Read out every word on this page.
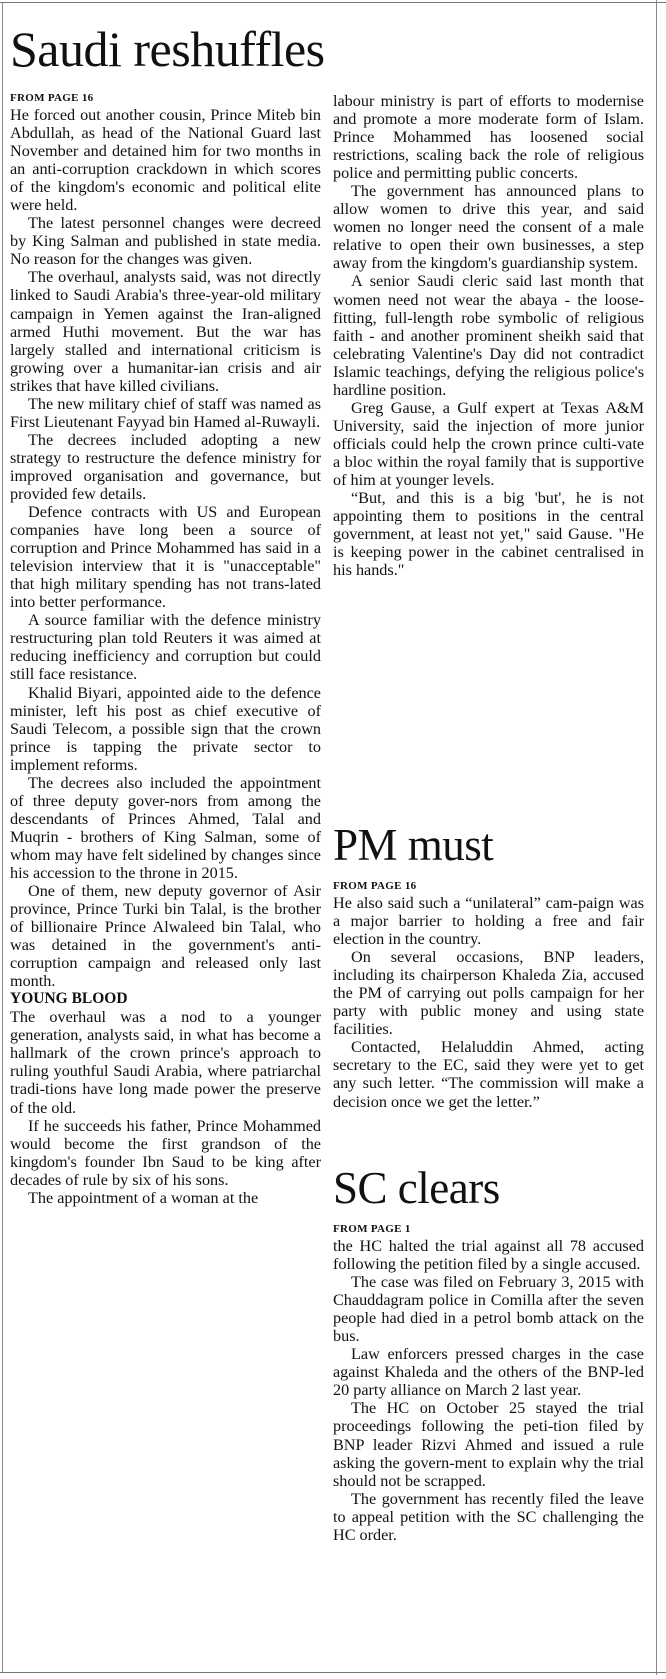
Saudi reshuffles
FROM PAGE 16

He forced out another cousin, Prince Miteb bin Abdullah, as head of the National Guard last November and detained him for two months in an anti-corruption crackdown in which scores of the kingdom's economic and political elite were held.

The latest personnel changes were decreed by King Salman and published in state media. No reason for the changes was given.

The overhaul, analysts said, was not directly linked to Saudi Arabia's three-year-old military campaign in Yemen against the Iran-aligned armed Huthi movement. But the war has largely stalled and international criticism is growing over a humanitar-ian crisis and air strikes that have killed civilians.

The new military chief of staff was named as First Lieutenant Fayyad bin Hamed al-Ruwayli.

The decrees included adopting a new strategy to restructure the defence ministry for improved organisation and governance, but provided few details.

Defence contracts with US and European companies have long been a source of corruption and Prince Mohammed has said in a television interview that it is "unacceptable" that high military spending has not trans-lated into better performance.

A source familiar with the defence ministry restructuring plan told Reuters it was aimed at reducing inefficiency and corruption but could still face resistance.

Khalid Biyari, appointed aide to the defence minister, left his post as chief executive of Saudi Telecom, a possible sign that the crown prince is tapping the private sector to implement reforms.

The decrees also included the appointment of three deputy gover-nors from among the descendants of Princes Ahmed, Talal and Muqrin - brothers of King Salman, some of whom may have felt sidelined by changes since his accession to the throne in 2015.

One of them, new deputy governor of Asir province, Prince Turki bin Talal, is the brother of billionaire Prince Alwaleed bin Talal, who was detained in the government's anti-corruption campaign and released only last month.

YOUNG BLOOD

The overhaul was a nod to a younger generation, analysts said, in what has become a hallmark of the crown prince's approach to ruling youthful Saudi Arabia, where patriarchal tradi-tions have long made power the preserve of the old.

If he succeeds his father, Prince Mohammed would become the first grandson of the kingdom's founder Ibn Saud to be king after decades of rule by six of his sons.

The appointment of a woman at the

labour ministry is part of efforts to modernise and promote a more moderate form of Islam. Prince Mohammed has loosened social restrictions, scaling back the role of religious police and permitting public concerts.

The government has announced plans to allow women to drive this year, and said women no longer need the consent of a male relative to open their own businesses, a step away from the kingdom's guardianship system.

A senior Saudi cleric said last month that women need not wear the abaya - the loose-fitting, full-length robe symbolic of religious faith - and another prominent sheikh said that celebrating Valentine's Day did not contradict Islamic teachings, defying the religious police's hardline position.

Greg Gause, a Gulf expert at Texas A&M University, said the injection of more junior officials could help the crown prince culti-vate a bloc within the royal family that is supportive of him at younger levels.

“But, and this is a big 'but', he is not appointing them to positions in the central government, at least not yet," said Gause. "He is keeping power in the cabinet centralised in his hands."

PM must
FROM PAGE 16

He also said such a “unilateral” cam-paign was a major barrier to holding a free and fair election in the country.

On several occasions, BNP leaders, including its chairperson Khaleda Zia, accused the PM of carrying out polls campaign for her party with public money and using state facilities.

Contacted, Helaluddin Ahmed, acting secretary to the EC, said they were yet to get any such letter. “The commission will make a decision once we get the letter.”

SC clears
FROM PAGE 1

the HC halted the trial against all 78 accused following the petition filed by a single accused.

The case was filed on February 3, 2015 with Chauddagram police in Comilla after the seven people had died in a petrol bomb attack on the bus.

Law enforcers pressed charges in the case against Khaleda and the others of the BNP-led 20 party alliance on March 2 last year.

The HC on October 25 stayed the trial proceedings following the peti-tion filed by BNP leader Rizvi Ahmed and issued a rule asking the govern-ment to explain why the trial should not be scrapped.

The government has recently filed the leave to appeal petition with the SC challenging the HC order.
